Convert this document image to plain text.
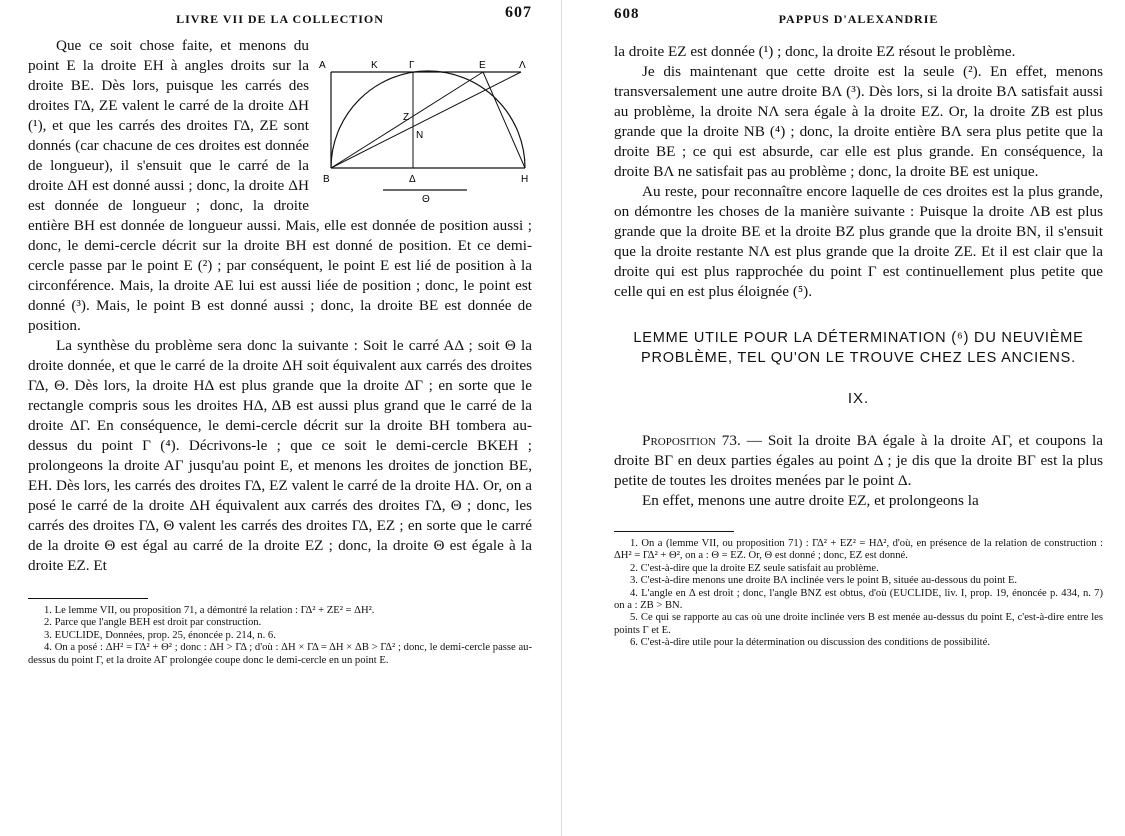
LIVRE VII DE LA COLLECTION	607

A	K	Γ	E	Λ
Z
N
B	Δ	H
Θ
Que ce soit chose faite, et menons du point E la droite EH à angles droits sur la droite BE. Dès lors, puisque les carrés des droites ΓΔ, ZE valent le carré de la droite ΔH (¹), et que les carrés des droites ΓΔ, ZE sont donnés (car chacune de ces droites est donnée de longueur), il s'ensuit que le carré de la droite ΔH est donné aussi ; donc, la droite ΔH est donnée de longueur ; donc, la droite entière BH est donnée de longueur aussi. Mais, elle est donnée de position aussi ; donc, le demi-cercle décrit sur la droite BH est donné de position. Et ce demi-cercle passe par le point E (²) ; par conséquent, le point E est lié de position à la circonférence. Mais, la droite AE lui est aussi liée de position ; donc, le point est donné (³). Mais, le point B est donné aussi ; donc, la droite BE est donnée de position.

La synthèse du problème sera donc la suivante : Soit le carré AΔ ; soit Θ la droite donnée, et que le carré de la droite ΔH soit équivalent aux carrés des droites ΓΔ, Θ. Dès lors, la droite HΔ est plus grande que la droite ΔΓ ; en sorte que le rectangle compris sous les droites HΔ, ΔB est aussi plus grand que le carré de la droite ΔΓ. En conséquence, le demi-cercle décrit sur la droite BH tombera au-dessus du point Γ (⁴). Décrivons-le ; que ce soit le demi-cercle BKEH ; prolongeons la droite AΓ jusqu'au point E, et menons les droites de jonction BE, EH. Dès lors, les carrés des droites ΓΔ, EZ valent le carré de la droite HΔ. Or, on a posé le carré de la droite ΔH équivalent aux carrés des droites ΓΔ, Θ ; donc, les carrés des droites ΓΔ, Θ valent les carrés des droites ΓΔ, EZ ; en sorte que le carré de la droite Θ est égal au carré de la droite EZ ; donc, la droite Θ est égale à la droite EZ. Et

1. Le lemme VII, ou proposition 71, a démontré la relation : ΓΔ² + ZE² = ΔH².

2. Parce que l'angle BEH est droit par construction.

3. EUCLIDE, Données, prop. 25, énoncée p. 214, n. 6.

4. On a posé : ΔH² = ΓΔ² + Θ² ; donc : ΔH > ΓΔ ; d'où : ΔH × ΓΔ = ΔH × ΔB > ΓΔ² ; donc, le demi-cercle passe au-dessus du point Γ, et la droite AΓ prolongée coupe donc le demi-cercle en un point E.

608	PAPPUS D'ALEXANDRIE

la droite EZ est donnée (¹) ; donc, la droite EZ résout le problème.

Je dis maintenant que cette droite est la seule (²). En effet, menons transversalement une autre droite BΛ (³). Dès lors, si la droite BΛ satisfait aussi au problème, la droite NΛ sera égale à la droite EZ. Or, la droite ZB est plus grande que la droite NB (⁴) ; donc, la droite entière BΛ sera plus petite que la droite BE ; ce qui est absurde, car elle est plus grande. En conséquence, la droite BΛ ne satisfait pas au problème ; donc, la droite BE est unique.

Au reste, pour reconnaître encore laquelle de ces droites est la plus grande, on démontre les choses de la manière suivante : Puisque la droite ΛB est plus grande que la droite BE et la droite BZ plus grande que la droite BN, il s'ensuit que la droite restante NΛ est plus grande que la droite ZE. Et il est clair que la droite qui est plus rapprochée du point Γ est continuellement plus petite que celle qui en est plus éloignée (⁵).

LEMME UTILE POUR LA DÉTERMINATION (⁶) DU NEUVIÈME PROBLÈME, TEL QU'ON LE TROUVE CHEZ LES ANCIENS.
IX.

Proposition 73. — Soit la droite BA égale à la droite AΓ, et coupons la droite BΓ en deux parties égales au point Δ ; je dis que la droite BΓ est la plus petite de toutes les droites menées par le point Δ.

En effet, menons une autre droite EZ, et prolongeons la

1. On a (lemme VII, ou proposition 71) : ΓΔ² + EZ² = HΔ², d'où, en présence de la relation de construction : ΔH² = ΓΔ² + Θ², on a : Θ = EZ. Or, Θ est donné ; donc, EZ est donné.

2. C'est-à-dire que la droite EZ seule satisfait au problème.

3. C'est-à-dire menons une droite BΛ inclinée vers le point B, située au-dessous du point E.

4. L'angle en Δ est droit ; donc, l'angle BNZ est obtus, d'où (EUCLIDE, liv. I, prop. 19, énoncée p. 434, n. 7) on a : ZB > BN.

5. Ce qui se rapporte au cas où une droite inclinée vers B est menée au-dessus du point E, c'est-à-dire entre les points Γ et E.

6. C'est-à-dire utile pour la détermination ou discussion des conditions de possibilité.
